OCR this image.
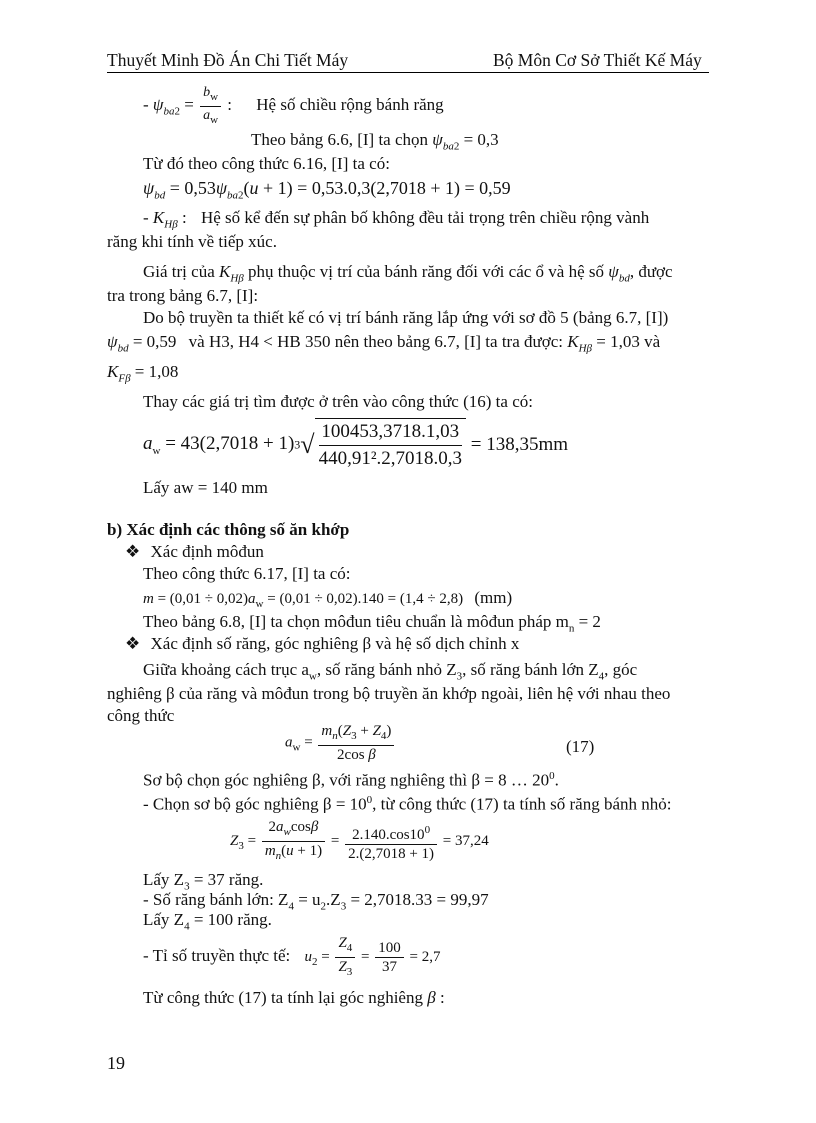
Thuyết Minh Đồ Án Chi Tiết Máy	Bộ Môn Cơ Sở Thiết Kế Máy
- $\psi_{ba2} = \frac{b_w}{a_w}$ : Hệ số chiều rộng bánh răng
Theo bảng 6.6, [I] ta chọn $\psi_{ba2} = 0,3$
Từ đó theo công thức 6.16, [I] ta có:
$\psi_{bd} = 0,53\psi_{ba2}(u + 1) = 0,53.0,3(2,7018 + 1) = 0,59$
- $K_{H\beta}$ : Hệ số kể đến sự phân bố không đều tải trọng trên chiều rộng vành
răng khi tính về tiếp xúc.
Giá trị của $K_{H\beta}$ phụ thuộc vị trí của bánh răng đối với các ổ và hệ số $\psi_{bd}$, được
tra trong bảng 6.7, [I]:
Do bộ truyền ta thiết kế có vị trí bánh răng lắp ứng với sơ đồ 5 (bảng 6.7, [I])
$\psi_{bd} = 0,59$ và H3, H4 < HB 350 nên theo bảng 6.7, [I] ta tra được: $K_{H\beta} = 1,03$ và
$K_{F\beta} = 1,08$
Thay các giá trị tìm được ở trên vào công thức (16) ta có:
$a_w = 43(2,7018 + 1)3√ \frac{100453,3718.1,03}{\text{440,91².2,7018.0,3}} = 138,35mm$
Lấy aw = 140 mm
b) Xác định các thông số ăn khớp
❖ Xác định môđun
Theo công thức 6.17, [I] ta có:
$m = (0,01 \div 0,02)a_w = (0,01 \div 0,02).140 = (1,4 \div 2,8)$   (mm)
Theo bảng 6.8, [I] ta chọn môđun tiêu chuẩn là môđun pháp $m_n = 2$
❖ Xác định số răng, góc nghiêng β và hệ số dịch chỉnh x
Giữa khoảng cách trục $a_w$, số răng bánh nhỏ $Z_3$, số răng bánh lớn $Z_4$, góc
nghiêng β của răng và môđun trong bộ truyền ăn khớp ngoài, liên hệ với nhau theo
công thức
$a_w = \frac{m_n(Z_3 + Z_4)}{\text{2cos β}}$	(17)
Sơ bộ chọn góc nghiêng β, với răng nghiêng thì β = 8 … $20^0$.
- Chọn sơ bộ góc nghiêng $\beta = 10^0$, từ công thức (17) ta tính số răng bánh nhỏ:
$Z_3 = \frac{2a_w\cos\beta}{m_n(u + 1)} = \frac{2.140.\cos 10^0}{2.(2,7018 + 1)} = 37,24$
Lấy $Z_3 = 37$ răng.
- Số răng bánh lớn: $Z_4 = u_2.Z_3 = 2,7018.33 = 99,97$
Lấy $Z_4 = 100$ răng.
- Tỉ số truyền thực tế: $u_2 = \frac{Z_4}{Z_3} = \frac{100}{37} = 2,7$
Từ công thức (17) ta tính lại góc nghiêng β :
19
